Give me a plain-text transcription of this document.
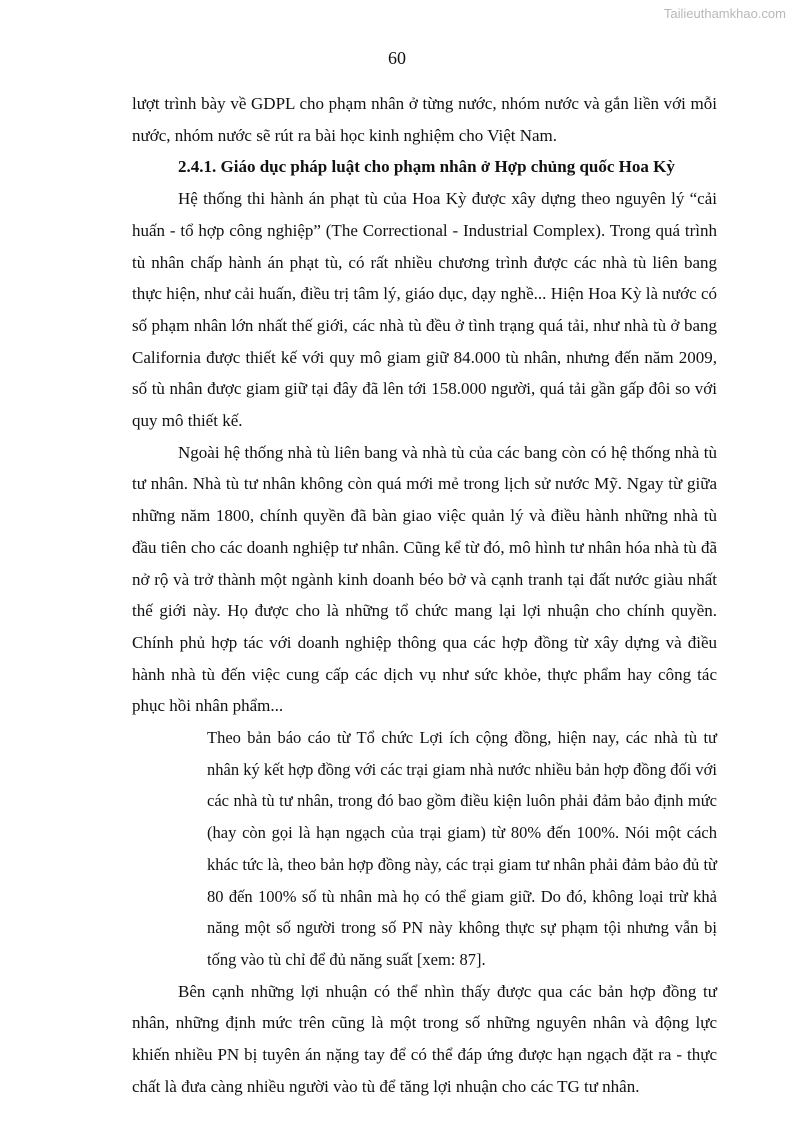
Tailieuthamkhao.com
60

lượt trình bày về GDPL cho phạm nhân ở từng nước, nhóm nước và gắn liền với mỗi nước, nhóm nước sẽ rút ra bài học kinh nghiệm cho Việt Nam.

2.4.1. Giáo dục pháp luật cho phạm nhân ở Hợp chủng quốc Hoa Kỳ

Hệ thống thi hành án phạt tù của Hoa Kỳ được xây dựng theo nguyên lý “cải huấn - tổ hợp công nghiệp” (The Correctional - Industrial Complex). Trong quá trình tù nhân chấp hành án phạt tù, có rất nhiều chương trình được các nhà tù liên bang thực hiện, như cải huấn, điều trị tâm lý, giáo dục, dạy nghề... Hiện Hoa Kỳ là nước có số phạm nhân lớn nhất thế giới, các nhà tù đều ở tình trạng quá tải, như nhà tù ở bang California được thiết kế với quy mô giam giữ 84.000 tù nhân, nhưng đến năm 2009, số tù nhân được giam giữ tại đây đã lên tới 158.000 người, quá tải gần gấp đôi so với quy mô thiết kế.

Ngoài hệ thống nhà tù liên bang và nhà tù của các bang còn có hệ thống nhà tù tư nhân. Nhà tù tư nhân không còn quá mới mẻ trong lịch sử nước Mỹ. Ngay từ giữa những năm 1800, chính quyền đã bàn giao việc quản lý và điều hành những nhà tù đầu tiên cho các doanh nghiệp tư nhân. Cũng kể từ đó, mô hình tư nhân hóa nhà tù đã nở rộ và trở thành một ngành kinh doanh béo bở và cạnh tranh tại đất nước giàu nhất thế giới này. Họ được cho là những tổ chức mang lại lợi nhuận cho chính quyền. Chính phủ hợp tác với doanh nghiệp thông qua các hợp đồng từ xây dựng và điều hành nhà tù đến việc cung cấp các dịch vụ như sức khỏe, thực phẩm hay công tác phục hồi nhân phẩm...

Theo bản báo cáo từ Tổ chức Lợi ích cộng đồng, hiện nay, các nhà tù tư nhân ký kết hợp đồng với các trại giam nhà nước nhiều bản hợp đồng đối với các nhà tù tư nhân, trong đó bao gồm điều kiện luôn phải đảm bảo định mức (hay còn gọi là hạn ngạch của trại giam) từ 80% đến 100%. Nói một cách khác tức là, theo bản hợp đồng này, các trại giam tư nhân phải đảm bảo đủ từ 80 đến 100% số tù nhân mà họ có thể giam giữ. Do đó, không loại trừ khả năng một số người trong số PN này không thực sự phạm tội nhưng vẫn bị tống vào tù chỉ để đủ năng suất [xem: 87].

Bên cạnh những lợi nhuận có thể nhìn thấy được qua các bản hợp đồng tư nhân, những định mức trên cũng là một trong số những nguyên nhân và động lực khiến nhiều PN bị tuyên án nặng tay để có thể đáp ứng được hạn ngạch đặt ra - thực chất là đưa càng nhiều người vào tù để tăng lợi nhuận cho các TG tư nhân.
